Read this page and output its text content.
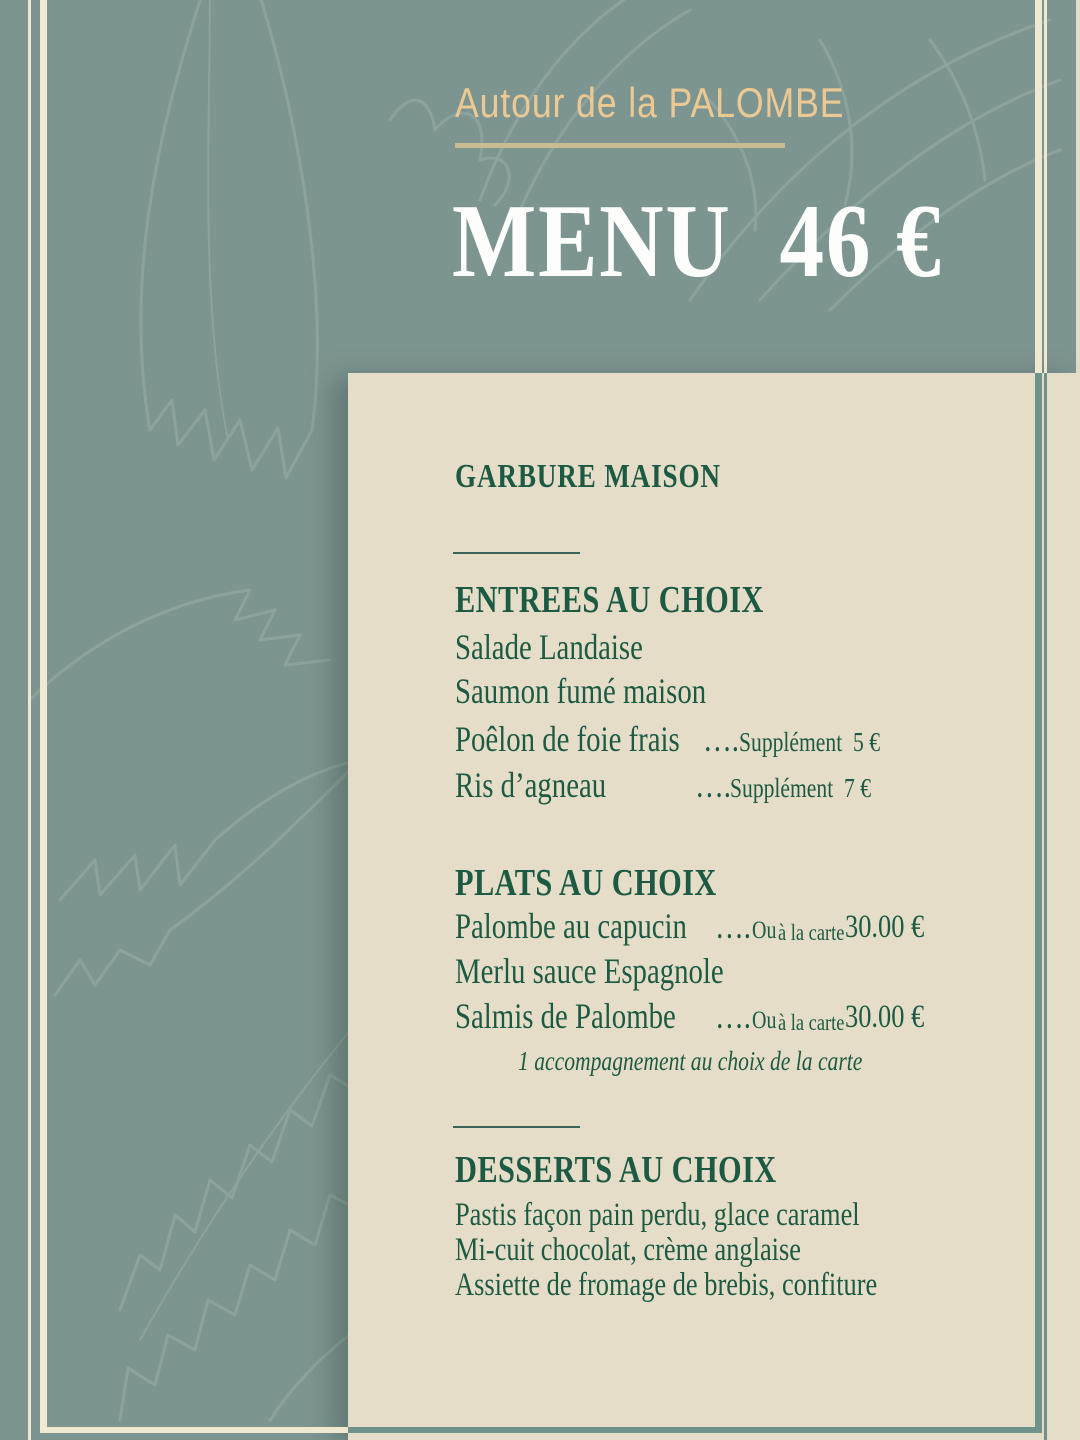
Autour de la PALOMBE
MENU  46 €
GARBURE MAISON
ENTREES AU CHOIX
Salade Landaise
Saumon fumé maison
Poêlon de foie frais …. Supplément  5 €
Ris d’agneau …. Supplément  7 €
PLATS AU CHOIX
Palombe au capucin …. Ou à la carte 30.00 €
Merlu sauce Espagnole
Salmis de Palombe …. Ou à la carte 30.00 €
1 accompagnement au choix de la carte
DESSERTS AU CHOIX
Pastis façon pain perdu, glace caramel
Mi-cuit chocolat, crème anglaise
Assiette de fromage de brebis, confiture
